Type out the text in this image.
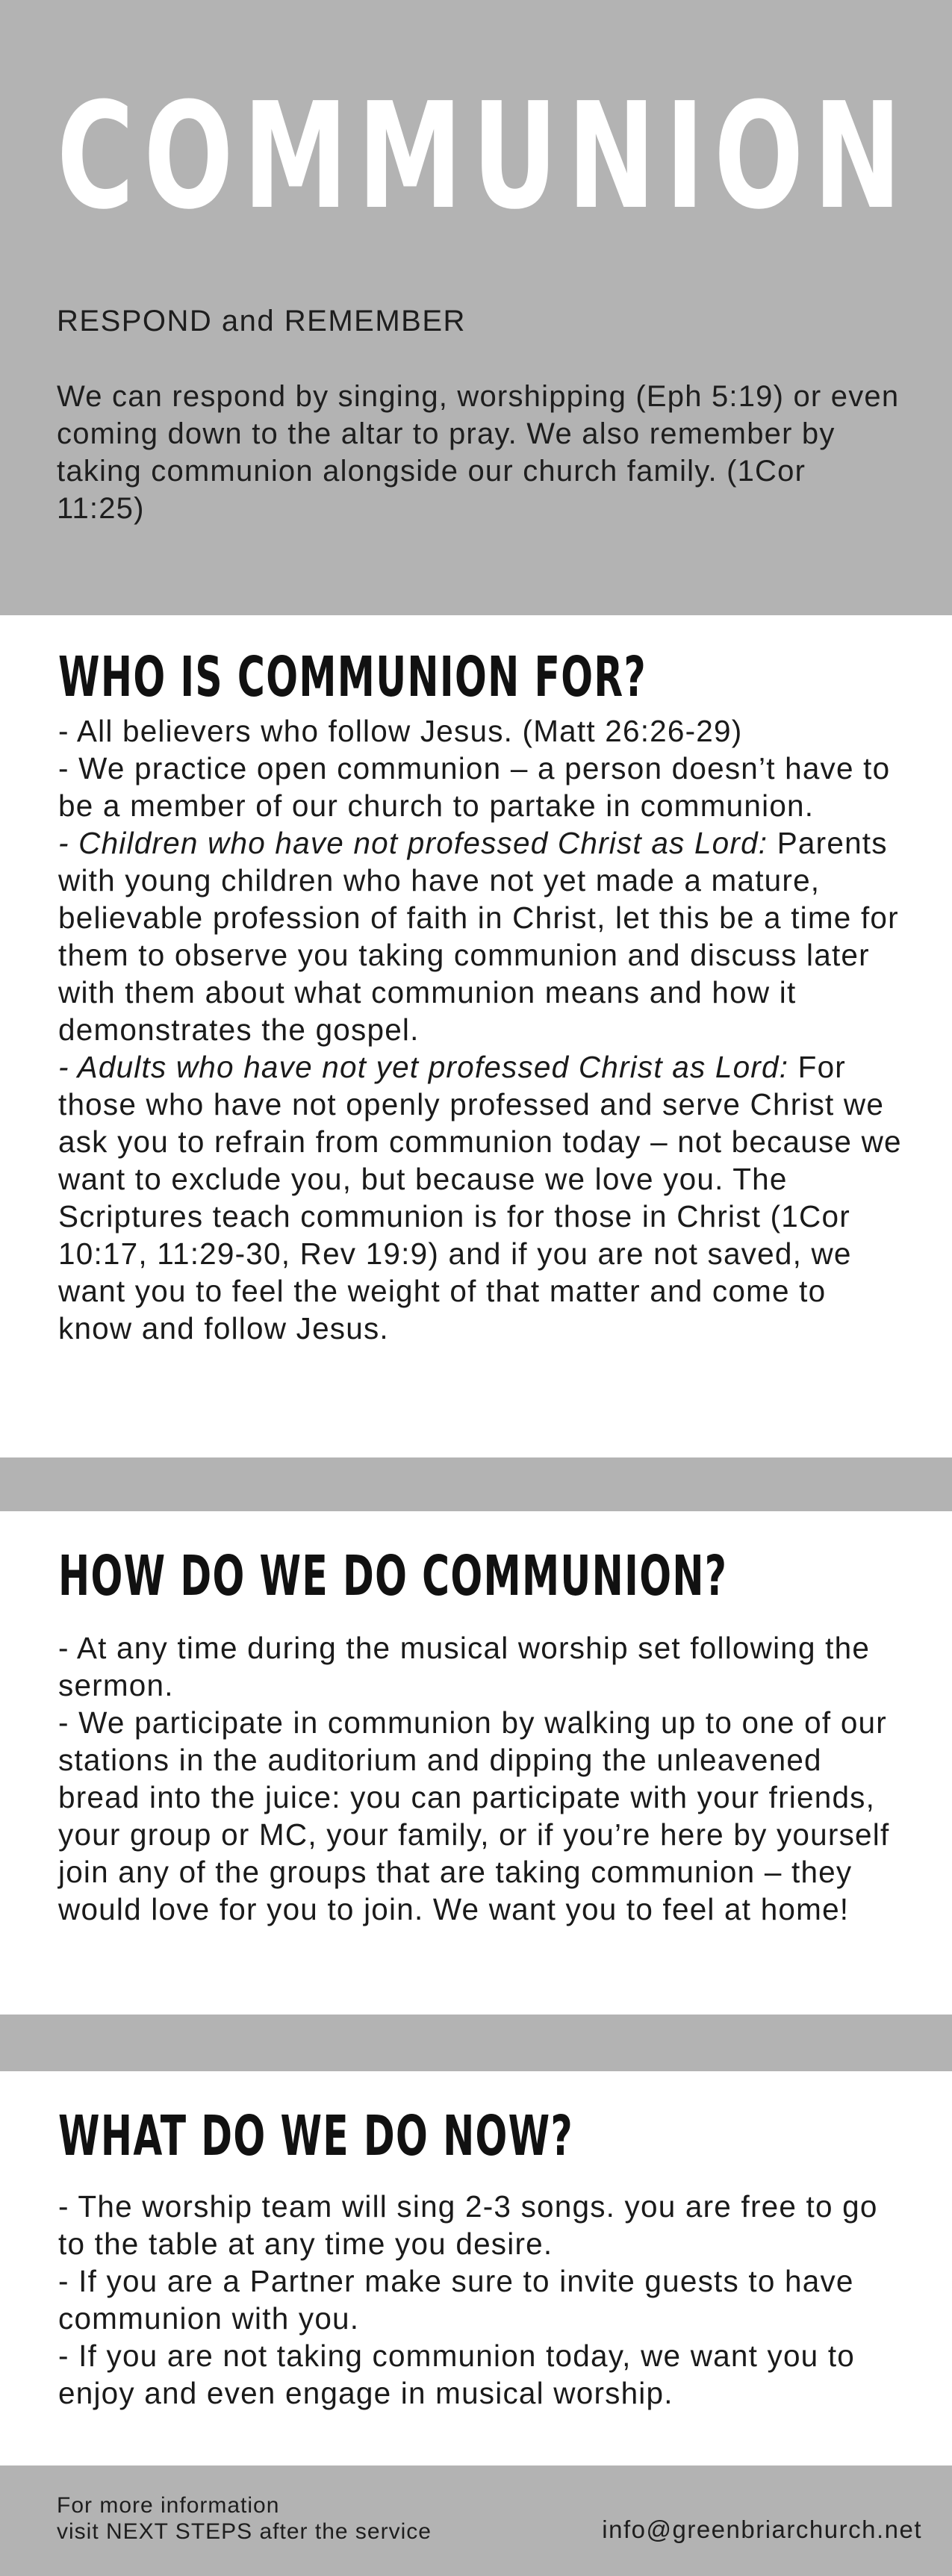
COMMUNION
RESPOND and REMEMBER

We can respond by singing, worshipping (Eph 5:19) or even coming down to the altar to pray. We also remember by taking communion alongside our church family. (1Cor 11:25)

WHO IS COMMUNION FOR?

- All believers who follow Jesus. (Matt 26:26-29)

- We practice open communion – a person doesn’t have to be a member of our church to partake in communion.

- Children who have not professed Christ as Lord: Parents with young children who have not yet made a mature, believable profession of faith in Christ, let this be a time for them to observe you taking communion and discuss later with them about what communion means and how it demonstrates the gospel.

- Adults who have not yet professed Christ as Lord: For those who have not openly professed and serve Christ we ask you to refrain from communion today – not because we want to exclude you, but because we love you. The Scriptures teach communion is for those in Christ (1Cor 10:17, 11:29-30, Rev 19:9) and if you are not saved, we want you to feel the weight of that matter and come to know and follow Jesus.

HOW DO WE DO COMMUNION?

- At any time during the musical worship set following the sermon.

- We participate in communion by walking up to one of our stations in the auditorium and dipping the unleavened bread into the juice: you can participate with your friends, your group or MC, your family, or if you’re here by yourself join any of the groups that are taking communion – they would love for you to join. We want you to feel at home!

WHAT DO WE DO NOW?

- The worship team will sing 2-3 songs. you are free to go to the table at any time you desire.

- If you are a Partner make sure to invite guests to have communion with you.

- If you are not taking communion today, we want you to enjoy and even engage in musical worship.

For more information
visit NEXT STEPS after the service	info@greenbriarchurch.net
